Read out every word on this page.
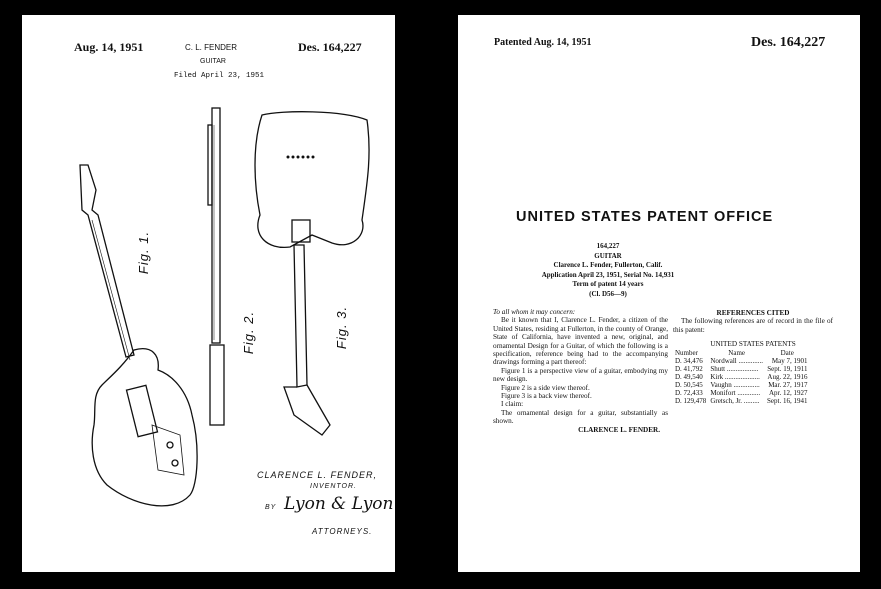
Aug. 14, 1951	C. L. FENDER	Des. 164,227
GUITAR
Filed April 23, 1951
Fig. 1.
Fig. 2.	Fig. 3.
CLARENCE L. FENDER,
INVENTOR.
BY Lyon & Lyon
ATTORNEYS.
Patented Aug. 14, 1951	Des. 164,227
UNITED STATES PATENT OFFICE
164,227
GUITAR
Clarence L. Fender, Fullerton, Calif.
Application April 23, 1951, Serial No. 14,931
Term of patent 14 years
(Cl. D56—9)

To all whom it may concern:

Be it known that I, Clarence L. Fender, a citizen of the United States, residing at Fullerton, in the county of Orange, State of California, have invented a new, original, and ornamental Design for a Guitar, of which the following is a specification, reference being had to the accompanying drawings forming a part thereof:

Figure 1 is a perspective view of a guitar, embodying my new design.

Figure 2 is a side view thereof.

Figure 3 is a back view thereof.

I claim:

The ornamental design for a guitar, substantially as shown.

CLARENCE L. FENDER.

REFERENCES CITED
The following references are of record in the file of this patent:
UNITED STATES PATENTS
Number	Name	Date
D. 34,476	Nordwall ..............	May 7, 1901
D. 41,792	Shutt ..................	Sept. 19, 1911
D. 49,540	Kirk ....................	Aug. 22, 1916
D. 50,545	Vaughn ...............	Mar. 27, 1917
D. 72,433	Monifort .............	Apr. 12, 1927
D. 129,478	Gretsch, Jr. .........	Sept. 16, 1941
